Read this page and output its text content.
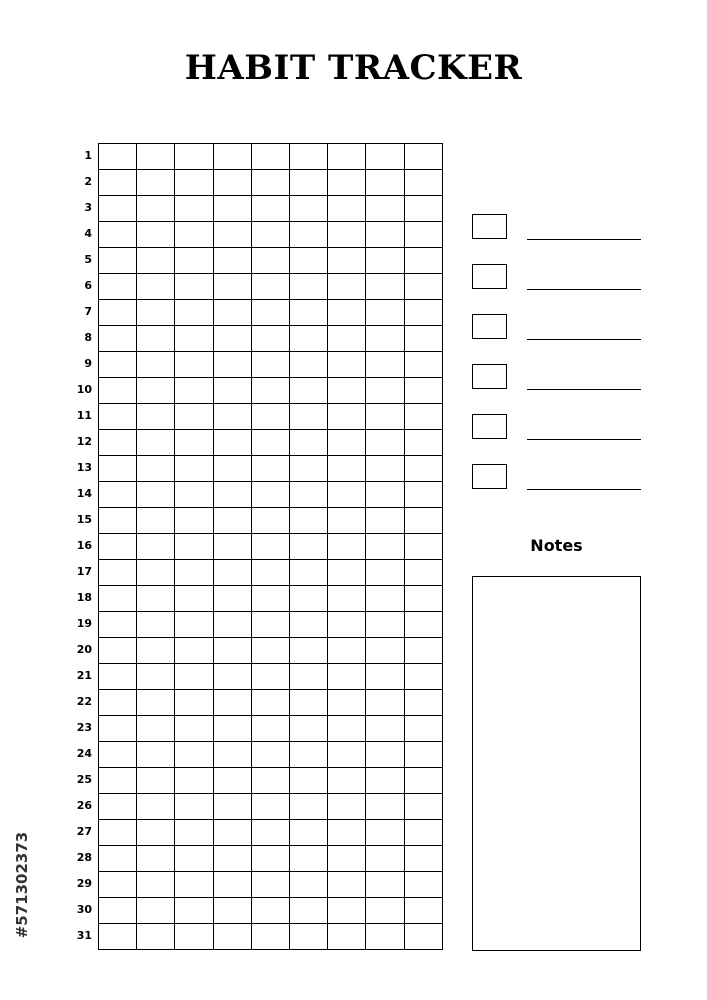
HABIT TRACKER
1
2
3
4
5
6
7
8
9
10
11
12
13
14
15
16
17
18
19
20
21
22
23
24
25
26
27
28
29
30
31
Notes
#571302373
